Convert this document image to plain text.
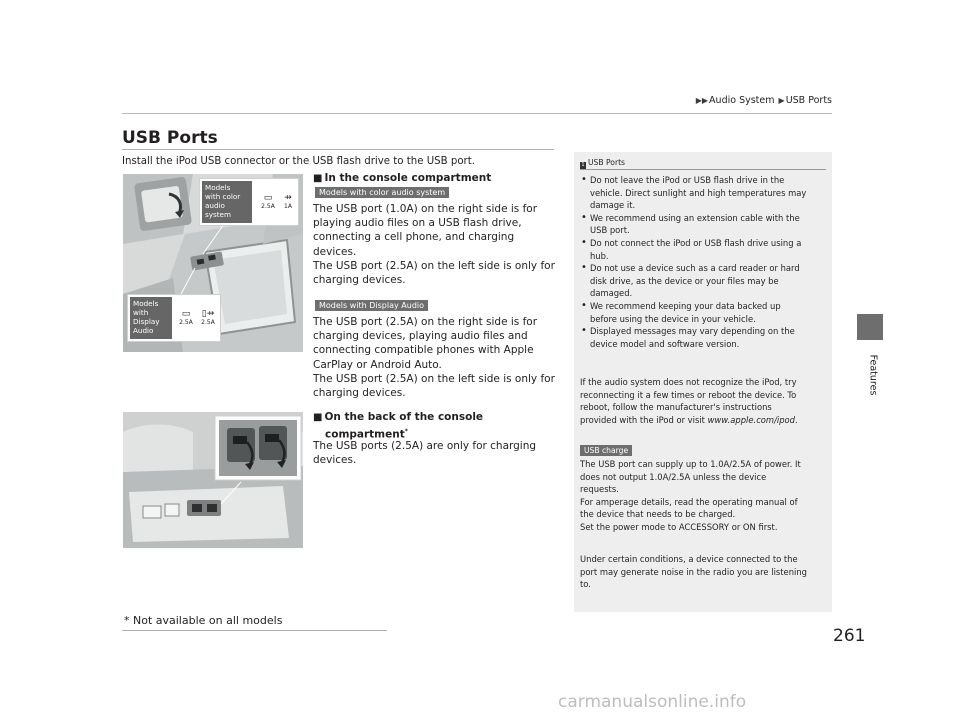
▶▶Audio System ▶USB Ports
Features
USB Ports
Install the iPod USB connector or the USB flash drive to the USB port.
Models
with color
audio
system
▭
2.5A
⇸
1A
Models
with
Display
Audio
▭
2.5A
▯⇸
2.5A
■ In the console compartment
Models with color audio system
The USB port (1.0A) on the right side is for
playing audio files on a USB flash drive,
connecting a cell phone, and charging
devices.
The USB port (2.5A) on the left side is only for
charging devices.
Models with Display Audio
The USB port (2.5A) on the right side is for
charging devices, playing audio files and
connecting compatible phones with Apple
CarPlay or Android Auto.
The USB port (2.5A) on the left side is only for
charging devices.
■ On the back of the console
compartment*
The USB ports (2.5A) are only for charging
devices.
1 USB Ports
• Do not leave the iPod or USB flash drive in the
vehicle. Direct sunlight and high temperatures may
damage it.
• We recommend using an extension cable with the
USB port.
• Do not connect the iPod or USB flash drive using a
hub.
• Do not use a device such as a card reader or hard
disk drive, as the device or your files may be
damaged.
• We recommend keeping your data backed up
before using the device in your vehicle.
• Displayed messages may vary depending on the
device model and software version.
If the audio system does not recognize the iPod, try
reconnecting it a few times or reboot the device. To
reboot, follow the manufacturer's instructions
provided with the iPod or visit www.apple.com/ipod.
USB charge
The USB port can supply up to 1.0A/2.5A of power. It
does not output 1.0A/2.5A unless the device
requests.
For amperage details, read the operating manual of
the device that needs to be charged.
Set the power mode to ACCESSORY or ON first.
Under certain conditions, a device connected to the
port may generate noise in the radio you are listening
to.
* Not available on all models
261
carmanualsonline.info
